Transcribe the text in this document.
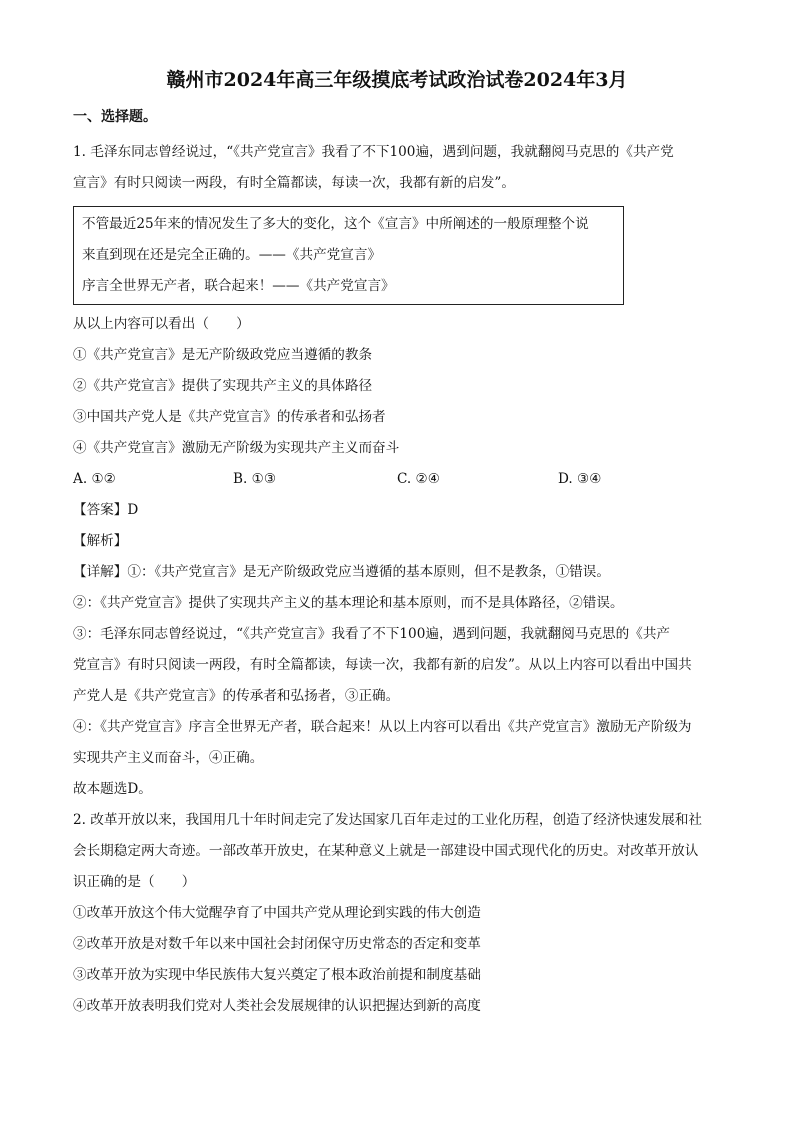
赣州市2024年高三年级摸底考试政治试卷2024年3月
一、选择题。

1. 毛泽东同志曾经说过，“《共产党宣言》我看了不下100遍，遇到问题，我就翻阅马克思的《共产党

宣言》有时只阅读一两段，有时全篇都读，每读一次，我都有新的启发”。

不管最近25年来的情况发生了多大的变化，这个《宣言》中所阐述的一般原理整个说
来直到现在还是完全正确的。——《共产党宣言》
序言全世界无产者，联合起来！——《共产党宣言》

从以上内容可以看出（　　）

①《共产党宣言》是无产阶级政党应当遵循的教条

②《共产党宣言》提供了实现共产主义的具体路径

③中国共产党人是《共产党宣言》的传承者和弘扬者

④《共产党宣言》激励无产阶级为实现共产主义而奋斗

A. ①②	B. ①③	C. ②④	D. ③④

【答案】D

【解析】

【详解】①：《共产党宣言》是无产阶级政党应当遵循的基本原则，但不是教条，①错误。

②：《共产党宣言》提供了实现共产主义的基本理论和基本原则，而不是具体路径，②错误。

③：毛泽东同志曾经说过，“《共产党宣言》我看了不下100遍，遇到问题，我就翻阅马克思的《共产

党宣言》有时只阅读一两段，有时全篇都读，每读一次，我都有新的启发”。从以上内容可以看出中国共

产党人是《共产党宣言》的传承者和弘扬者，③正确。

④：《共产党宣言》序言全世界无产者，联合起来！从以上内容可以看出《共产党宣言》激励无产阶级为

实现共产主义而奋斗，④正确。

故本题选D。

2. 改革开放以来，我国用几十年时间走完了发达国家几百年走过的工业化历程，创造了经济快速发展和社

会长期稳定两大奇迹。一部改革开放史，在某种意义上就是一部建设中国式现代化的历史。对改革开放认

识正确的是（　　）

①改革开放这个伟大觉醒孕育了中国共产党从理论到实践的伟大创造

②改革开放是对数千年以来中国社会封闭保守历史常态的否定和变革

③改革开放为实现中华民族伟大复兴奠定了根本政治前提和制度基础

④改革开放表明我们党对人类社会发展规律的认识把握达到新的高度
